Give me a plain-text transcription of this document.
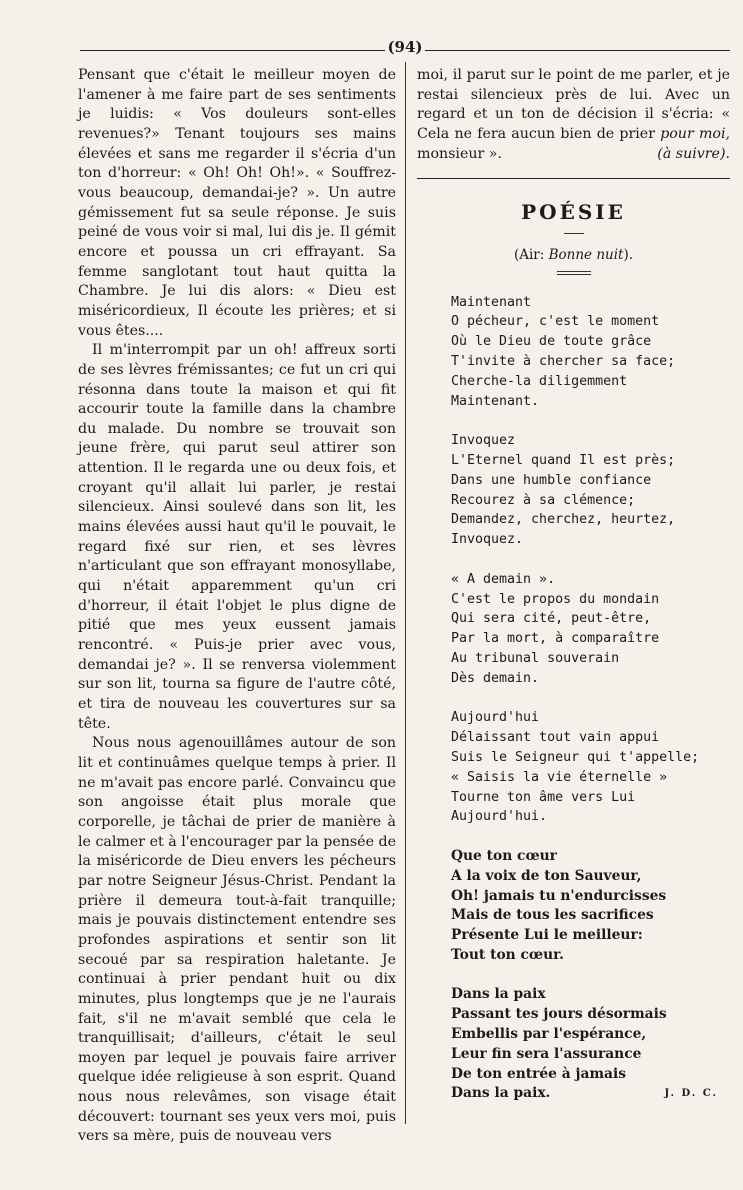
(94)

Pensant que c'était le meilleur moyen de l'amener à me faire part de ses sentiments je luidis: « Vos douleurs sont-elles revenues?» Tenant toujours ses mains élevées et sans me regarder il s'écria d'un ton d'horreur: « Oh! Oh! Oh!». « Souffrez-vous beaucoup, demandai-je? ». Un autre gémissement fut sa seule réponse. Je suis peiné de vous voir si mal, lui dis je. Il gémit encore et poussa un cri effrayant. Sa femme sanglotant tout haut quitta la Chambre. Je lui dis alors: « Dieu est miséricordieux, Il écoute les prières; et si vous êtes....

Il m'interrompit par un oh! affreux sorti de ses lèvres frémissantes; ce fut un cri qui résonna dans toute la maison et qui fit accourir toute la famille dans la chambre du malade. Du nombre se trouvait son jeune frère, qui parut seul attirer son attention. Il le regarda une ou deux fois, et croyant qu'il allait lui parler, je restai silencieux. Ainsi soulevé dans son lit, les mains élevées aussi haut qu'il le pouvait, le regard fixé sur rien, et ses lèvres n'articulant que son effrayant monosyllabe, qui n'était apparemment qu'un cri d'horreur, il était l'objet le plus digne de pitié que mes yeux eussent jamais rencontré. « Puis-je prier avec vous, demandai je? ». Il se renversa violemment sur son lit, tourna sa figure de l'autre côté, et tira de nouveau les couvertures sur sa tête.

Nous nous agenouillâmes autour de son lit et continuâmes quelque temps à prier. Il ne m'avait pas encore parlé. Convaincu que son angoisse était plus morale que corporelle, je tâchai de prier de manière à le calmer et à l'encourager par la pensée de la miséricorde de Dieu envers les pécheurs par notre Seigneur Jésus-Christ. Pendant la prière il demeura tout-à-fait tranquille; mais je pouvais distinctement entendre ses profondes aspirations et sentir son lit secoué par sa respiration haletante. Je continuai à prier pendant huit ou dix minutes, plus longtemps que je ne l'aurais fait, s'il ne m'avait semblé que cela le tranquillisait; d'ailleurs, c'était le seul moyen par lequel je pouvais faire arriver quelque idée religieuse à son esprit. Quand nous nous relevâmes, son visage était découvert: tournant ses yeux vers moi, puis vers sa mère, puis de nouveau vers

moi, il parut sur le point de me parler, et je restai silencieux près de lui. Avec un regard et un ton de décision il s'écria: « Cela ne fera aucun bien de prier pour moi, monsieur ».	(à suivre).
POÉSIE
(Air: Bonne nuit).
Maintenant
O pécheur, c'est le moment
Où le Dieu de toute grâce
T'invite à chercher sa face;
Cherche-la diligemment
Maintenant.
Invoquez
L'Eternel quand Il est près;
Dans une humble confiance
Recourez à sa clémence;
Demandez, cherchez, heurtez,
Invoquez.
« A demain ».
C'est le propos du mondain
Qui sera cité, peut-être,
Par la mort, à comparaître
Au tribunal souverain
Dès demain.
Aujourd'hui
Délaissant tout vain appui
Suis le Seigneur qui t'appelle;
« Saisis la vie éternelle »
Tourne ton âme vers Lui
Aujourd'hui.
Que ton cœur
A la voix de ton Sauveur,
Oh! jamais tu n'endurcisses
Mais de tous les sacrifices
Présente Lui le meilleur:
Tout ton cœur.
Dans la paix
Passant tes jours désormais
Embellis par l'espérance,
Leur fin sera l'assurance
De ton entrée à jamais
Dans la paix.	J. D. C.
